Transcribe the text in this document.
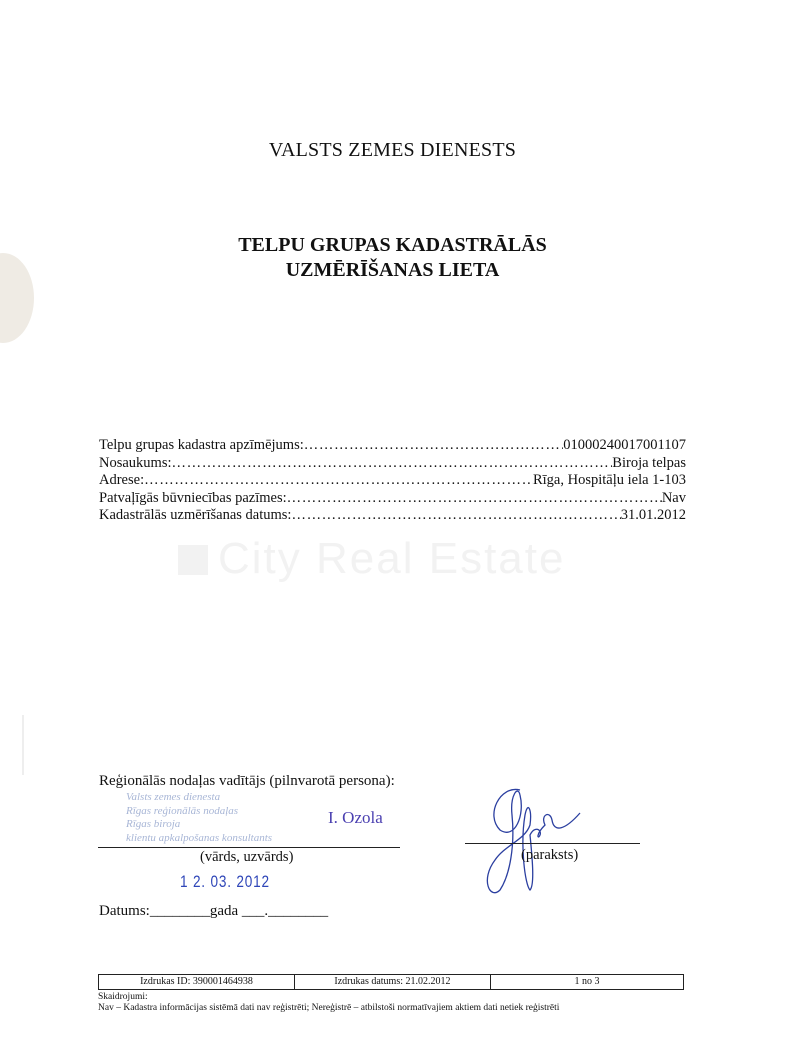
VALSTS ZEMES DIENESTS
TELPU GRUPAS KADASTRĀLĀS
UZMĒRĪŠANAS LIETA
Telpu grupas kadastra apzīmējums: ……………………………………………………………………………………………………………………………………………………………………………	01000240017001107
Nosaukums: ……………………………………………………………………………………………………………………………………………………………………………	Biroja telpas
Adrese: ……………………………………………………………………………………………………………………………………………………………………………	Rīga, Hospitāļu iela 1-103
Patvaļīgās būvniecības pazīmes: ……………………………………………………………………………………………………………………………………………………………………………	Nav
Kadastrālās uzmērīšanas datums: ……………………………………………………………………………………………………………………………………………………………………………	31.01.2012
City Real Estate
Reģionālās nodaļas vadītājs (pilnvarotā persona):
Valsts zemes dienesta
Rīgas reģionālās nodaļas
Rīgas biroja
klientu apkalpošanas konsultants
I. Ozola
(vārds, uzvārds)	(paraksts)
1 2. 03. 2012
Datums:________gada ___.________
Izdrukas ID: 390001464938	Izdrukas datums: 21.02.2012	1 no 3
Skaidrojumi:
Nav – Kadastra informācijas sistēmā dati nav reģistrēti; Nereģistrē – atbilstoši normatīvajiem aktiem dati netiek reģistrēti
